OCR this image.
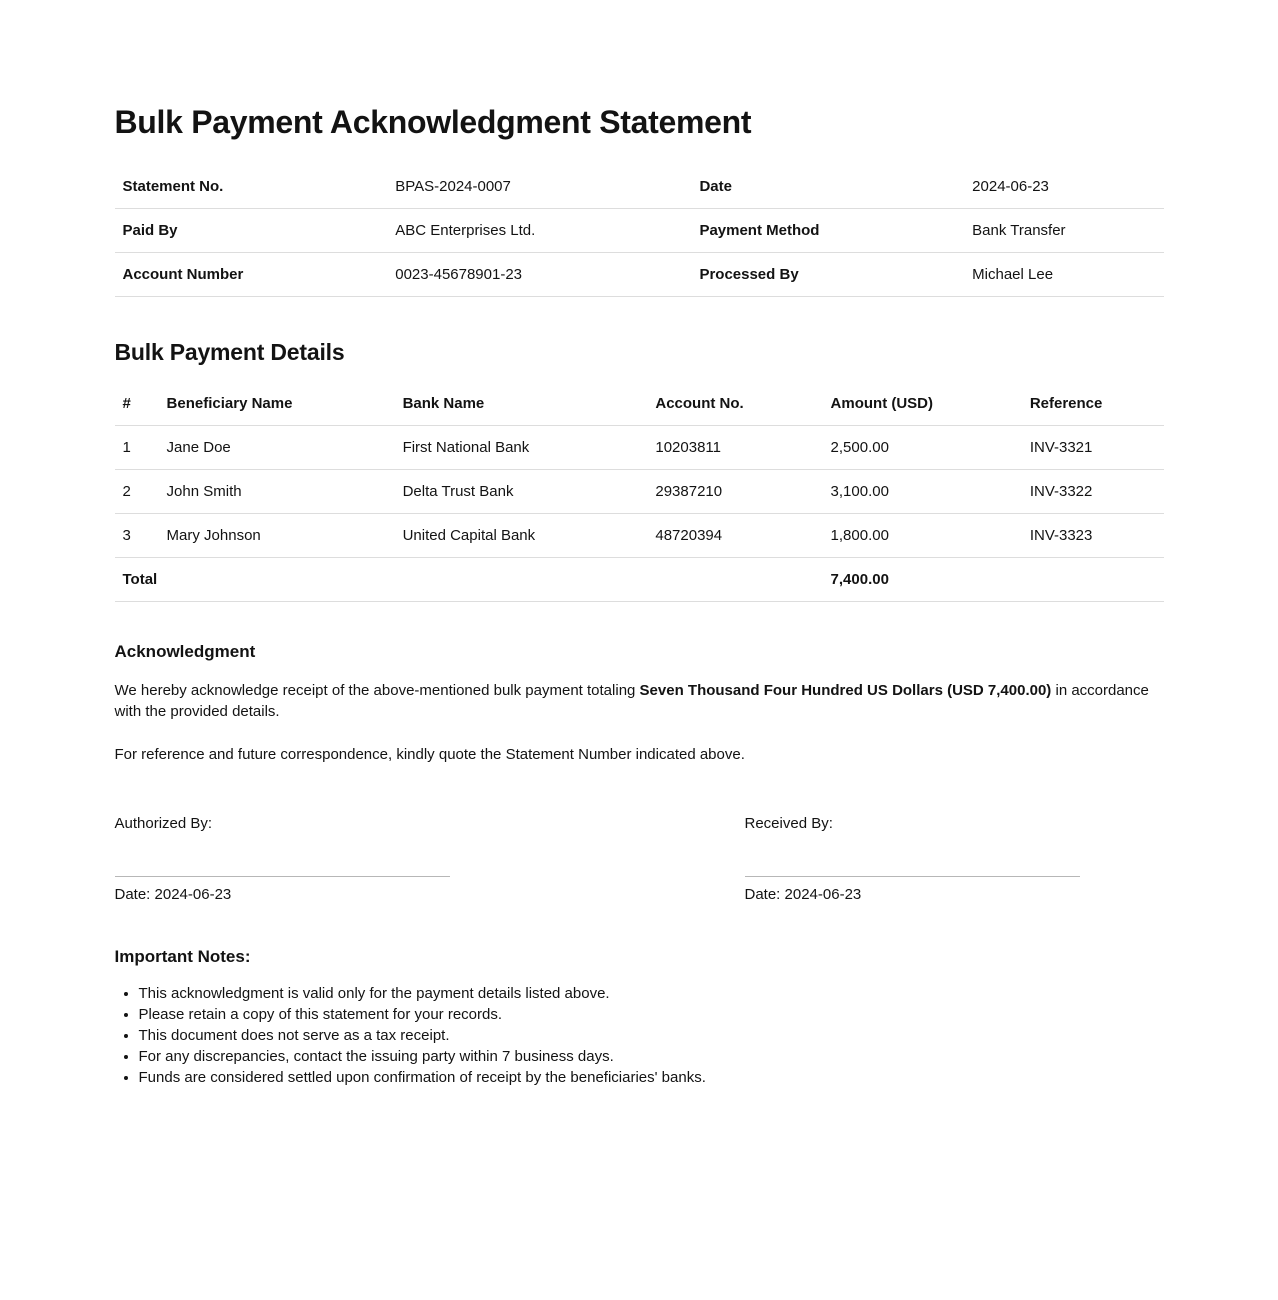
Bulk Payment Acknowledgment Statement
Statement No.	BPAS-2024-0007	Date	2024-06-23
Paid By	ABC Enterprises Ltd.	Payment Method	Bank Transfer
Account Number	0023-45678901-23	Processed By	Michael Lee
Bulk Payment Details
#	Beneficiary Name	Bank Name	Account No.	Amount (USD)	Reference
1	Jane Doe	First National Bank	10203811	2,500.00	INV-3321
2	John Smith	Delta Trust Bank	29387210	3,100.00	INV-3322
3	Mary Johnson	United Capital Bank	48720394	1,800.00	INV-3323
Total				7,400.00	
Acknowledgment

We hereby acknowledge receipt of the above-mentioned bulk payment totaling Seven Thousand Four Hundred US Dollars (USD 7,400.00) in accordance with the provided details.

For reference and future correspondence, kindly quote the Statement Number indicated above.

Authorized By:
Date: 2024-06-23
Received By:
Date: 2024-06-23
Important Notes:
• This acknowledgment is valid only for the payment details listed above.
• Please retain a copy of this statement for your records.
• This document does not serve as a tax receipt.
• For any discrepancies, contact the issuing party within 7 business days.
• Funds are considered settled upon confirmation of receipt by the beneficiaries' banks.
